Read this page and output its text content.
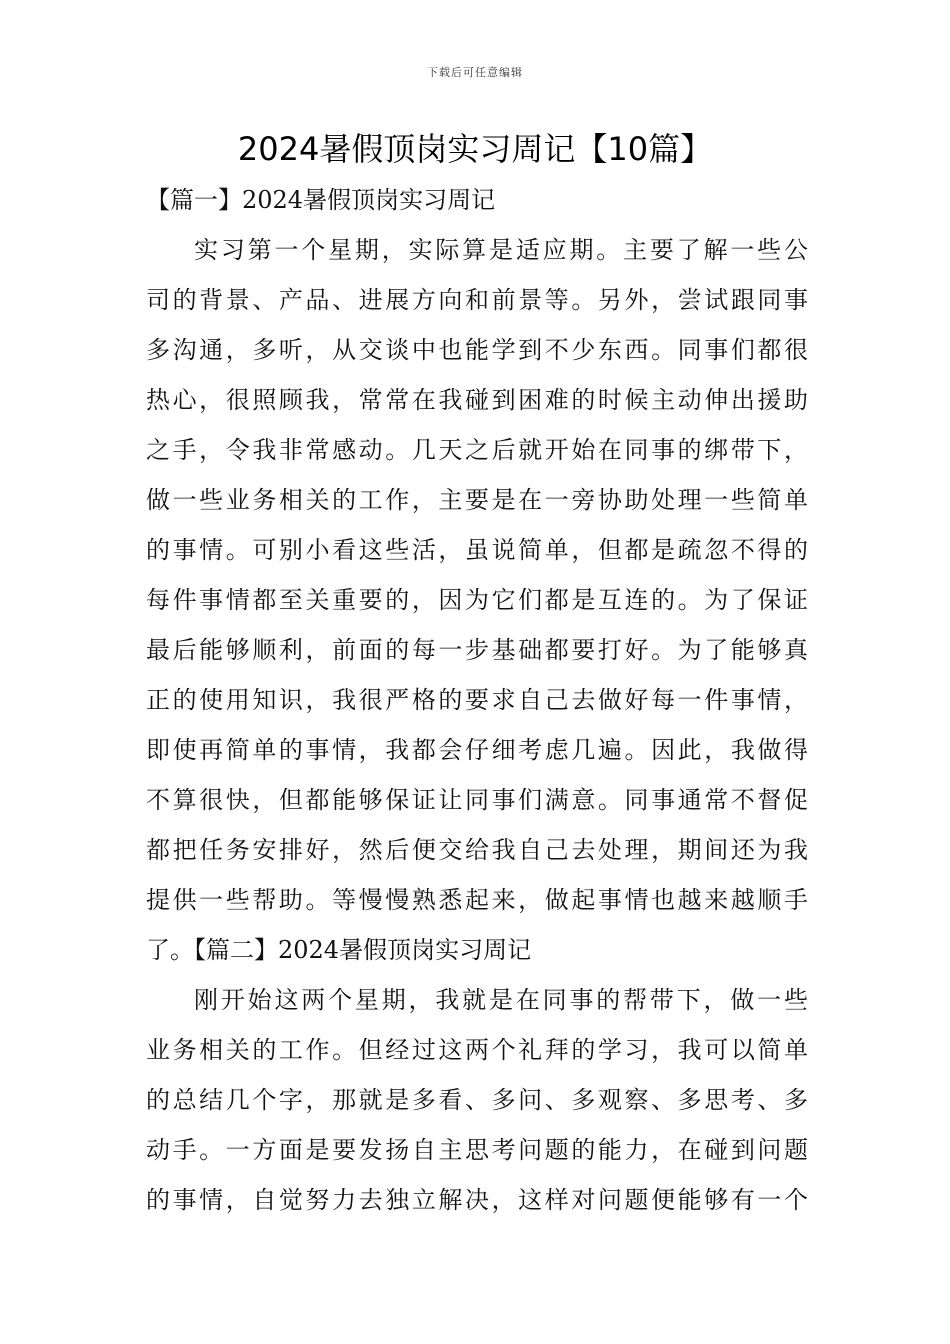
下载后可任意编辑
2024暑假顶岗实习周记【10篇】
【篇一】2024暑假顶岗实习周记
实习第一个星期，实际算是适应期。主要了解一些公
司的背景、产品、进展方向和前景等。另外，尝试跟同事
多沟通，多听，从交谈中也能学到不少东西。同事们都很
热心，很照顾我，常常在我碰到困难的时候主动伸出援助
之手，令我非常感动。几天之后就开始在同事的绑带下，
做一些业务相关的工作，主要是在一旁协助处理一些简单
的事情。可别小看这些活，虽说简单，但都是疏忽不得的
每件事情都至关重要的，因为它们都是互连的。为了保证
最后能够顺利，前面的每一步基础都要打好。为了能够真
正的使用知识，我很严格的要求自己去做好每一件事情，
即使再简单的事情，我都会仔细考虑几遍。因此，我做得
不算很快，但都能够保证让同事们满意。同事通常不督促
都把任务安排好，然后便交给我自己去处理，期间还为我
提供一些帮助。等慢慢熟悉起来，做起事情也越来越顺手
了。【篇二】2024暑假顶岗实习周记
刚开始这两个星期，我就是在同事的帮带下，做一些
业务相关的工作。但经过这两个礼拜的学习，我可以简单
的总结几个字，那就是多看、多问、多观察、多思考、多
动手。一方面是要发扬自主思考问题的能力，在碰到问题
的事情，自觉努力去独立解决，这样对问题便能够有一个
